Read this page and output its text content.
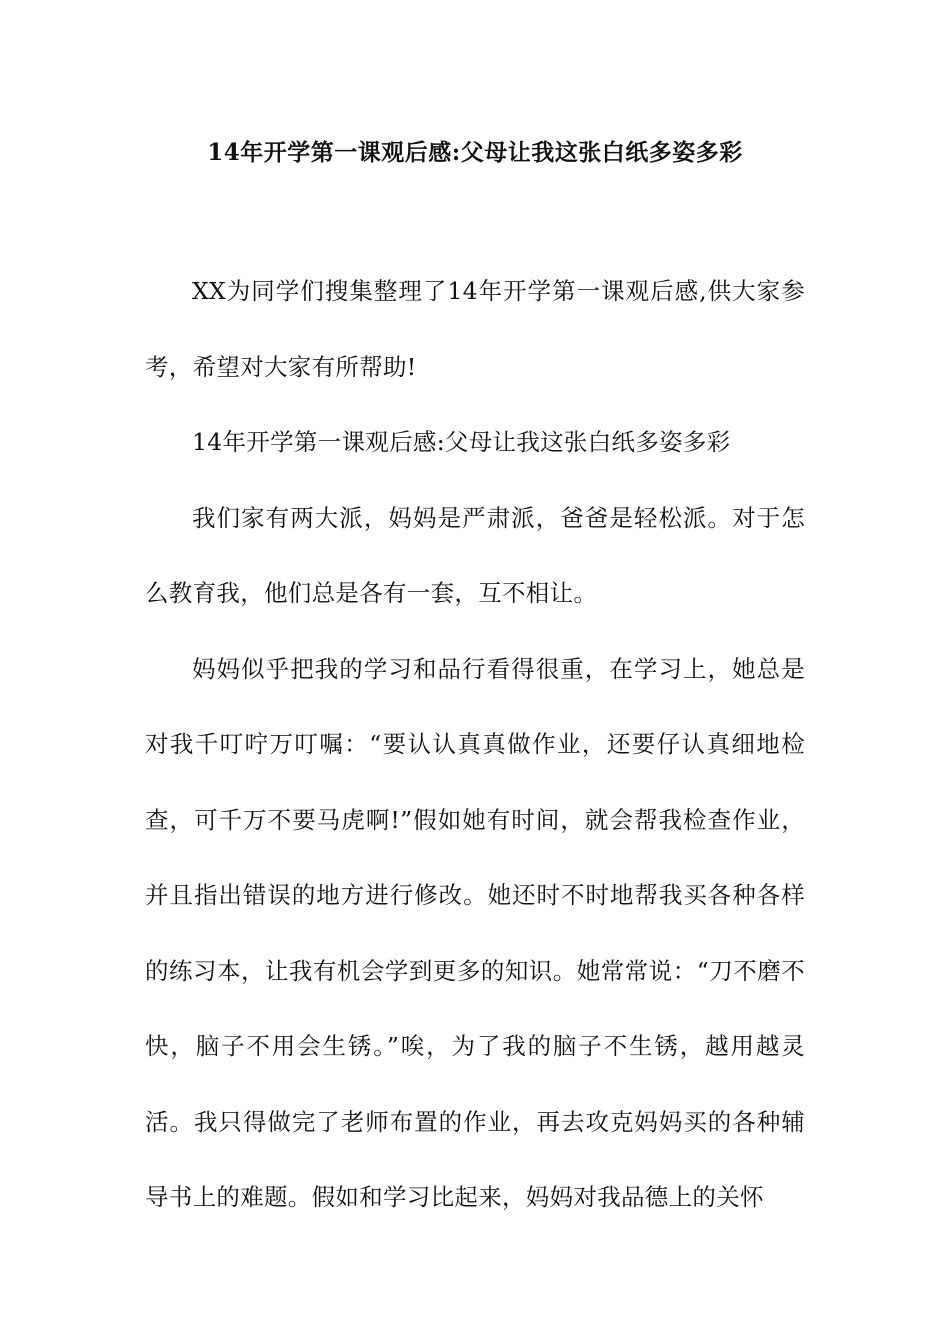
14年开学第一课观后感:父母让我这张白纸多姿多彩

XX为同学们搜集整理了14年开学第一课观后感,供大家参考，希望对大家有所帮助!

14年开学第一课观后感:父母让我这张白纸多姿多彩

我们家有两大派，妈妈是严肃派，爸爸是轻松派。对于怎么教育我，他们总是各有一套，互不相让。

妈妈似乎把我的学习和品行看得很重，在学习上，她总是对我千叮咛万叮嘱：“要认认真真做作业，还要仔认真细地检查，可千万不要马虎啊!”假如她有时间，就会帮我检查作业，并且指出错误的地方进行修改。她还时不时地帮我买各种各样的练习本，让我有机会学到更多的知识。她常常说：“刀不磨不快，脑子不用会生锈。”唉，为了我的脑子不生锈，越用越灵活。我只得做完了老师布置的作业，再去攻克妈妈买的各种辅导书上的难题。假如和学习比起来，妈妈对我品德上的关怀
